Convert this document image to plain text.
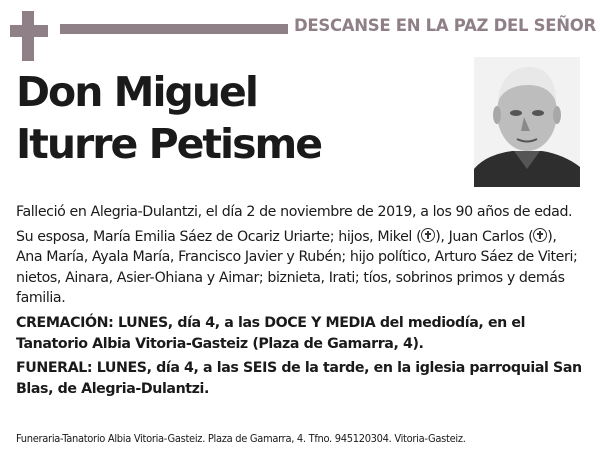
DESCANSE EN LA PAZ DEL SEÑOR
Don Miguel
Iturre Petisme

Falleció en Alegria-Dulantzi, el día 2 de noviembre de 2019, a los 90 años de edad.

Su esposa, María Emilia Sáez de Ocariz Uriarte; hijos, Mikel ( ), Juan Carlos ( ), Ana María, Ayala María, Francisco Javier y Rubén; hijo político, Arturo Sáez de Viteri; nietos, Ainara, Asier-Ohiana y Aimar; biznieta, Irati; tíos, sobrinos primos y demás familia.

CREMACIÓN: LUNES, día 4, a las DOCE Y MEDIA del mediodía, en el Tanatorio Albia Vitoria-Gasteiz (Plaza de Gamarra, 4).

FUNERAL: LUNES, día 4, a las SEIS de la tarde, en la iglesia parroquial San Blas, de Alegria-Dulantzi.

Funeraria-Tanatorio Albia Vitoria-Gasteiz. Plaza de Gamarra, 4. Tfno. 945120304. Vitoria-Gasteiz.
